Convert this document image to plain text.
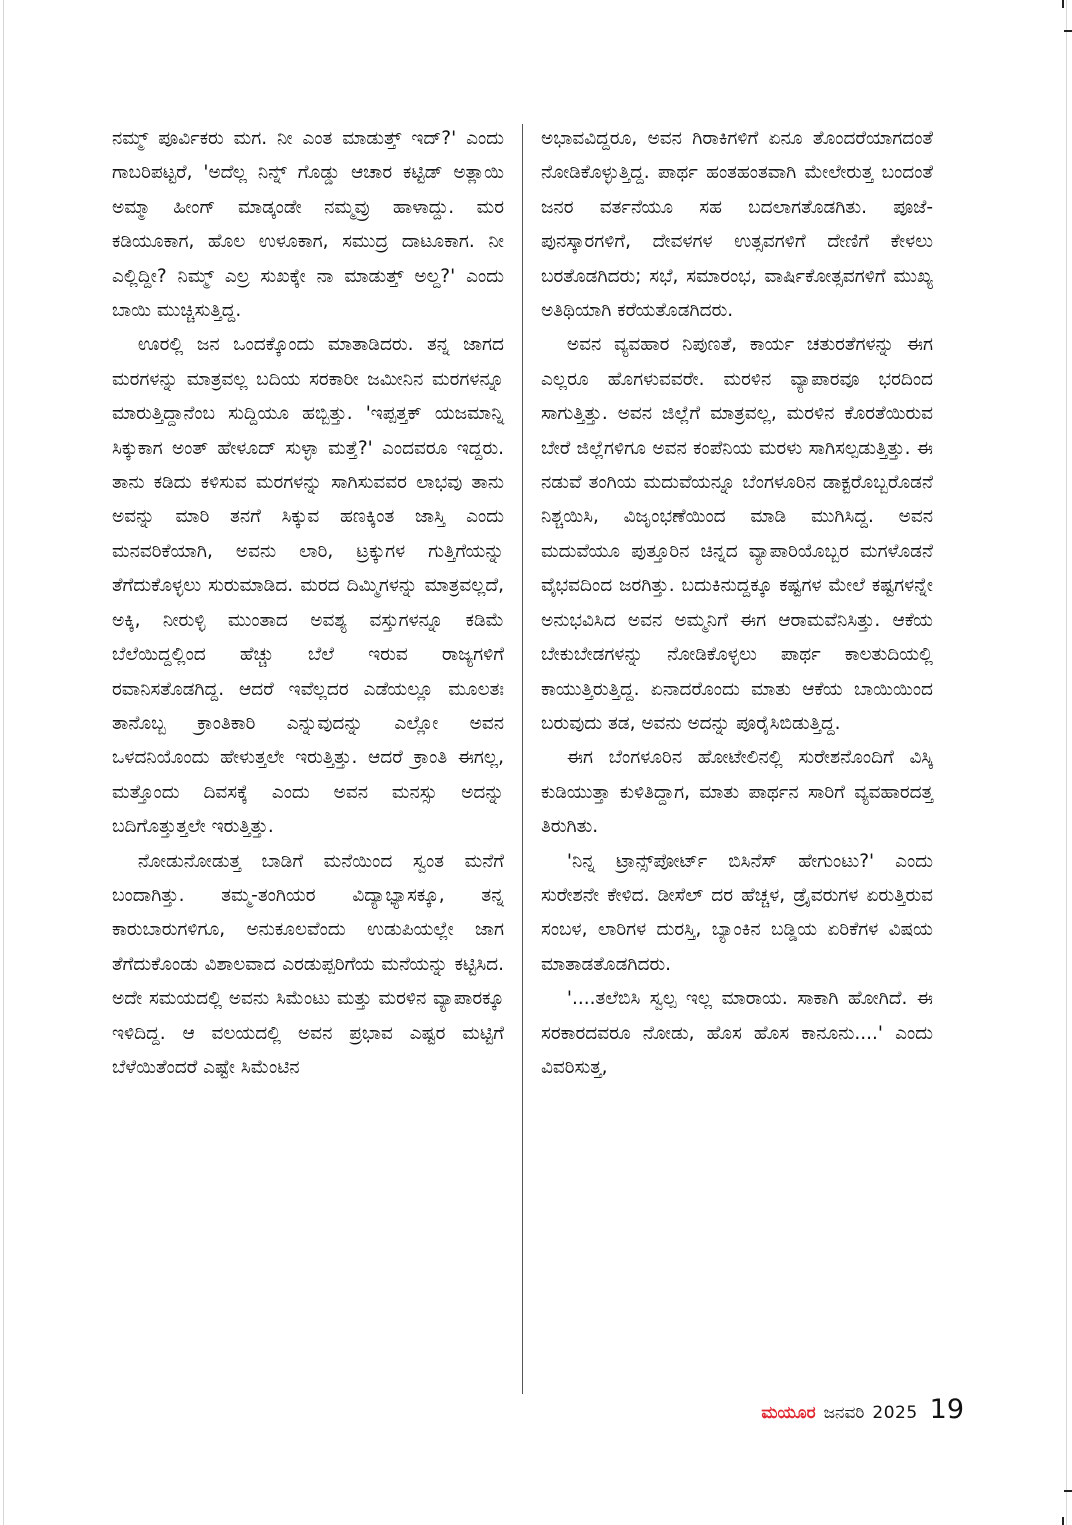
ನಮ್ಮ್ ಪೂರ್ವಿಕರು ಮಗ. ನೀ ಎಂತ ಮಾಡುತ್ತ್ ಇದ್?' ಎಂದು ಗಾಬರಿಪಟ್ಟರೆ, 'ಅದೆಲ್ಲ ನಿನ್ನ್ ಗೊಡ್ಡು ಆಚಾರ ಕಟ್ಟಿಡ್ ಅತ್ಲಾಯಿ ಅಮ್ಮಾ ಹೀಂಗ್ ಮಾಡ್ಕಂಡೇ ನಮ್ಮವ್ರು ಹಾಳಾದ್ದು. ಮರ ಕಡಿಯೂಕಾಗ, ಹೊಲ ಉಳೂಕಾಗ, ಸಮುದ್ರ ದಾಟೂಕಾಗ. ನೀ ಎಲ್ಲಿದ್ದೀ? ನಿಮ್ಮ್ ಎಲ್ರ ಸುಖಕ್ಕೇ ನಾ ಮಾಡುತ್ತ್ ಅಲ್ದ?' ಎಂದು ಬಾಯಿ ಮುಚ್ಚಿಸುತ್ತಿದ್ದ.

ಊರಲ್ಲಿ ಜನ ಒಂದಕ್ಕೊಂದು ಮಾತಾಡಿದರು. ತನ್ನ ಜಾಗದ ಮರಗಳನ್ನು ಮಾತ್ರವಲ್ಲ ಬದಿಯ ಸರಕಾರೀ ಜಮೀನಿನ ಮರಗಳನ್ನೂ ಮಾರುತ್ತಿದ್ದಾನೆಂಬ ಸುದ್ದಿಯೂ ಹಬ್ಬಿತ್ತು. 'ಇಪ್ಪತ್ತಕ್ ಯಜಮಾನ್ನಿ ಸಿಕ್ಕುಕಾಗ ಅಂತ್ ಹೇಳೂದ್ ಸುಳ್ಳಾ ಮತ್ತೆ?' ಎಂದವರೂ ಇದ್ದರು. ತಾನು ಕಡಿದು ಕಳಿಸುವ ಮರಗಳನ್ನು ಸಾಗಿಸುವವರ ಲಾಭವು ತಾನು ಅವನ್ನು ಮಾರಿ ತನಗೆ ಸಿಕ್ಕುವ ಹಣಕ್ಕಿಂತ ಜಾಸ್ತಿ ಎಂದು ಮನವರಿಕೆಯಾಗಿ, ಅವನು ಲಾರಿ, ಟ್ರಕ್ಕುಗಳ ಗುತ್ತಿಗೆಯನ್ನು ತೆಗೆದುಕೊಳ್ಳಲು ಸುರುಮಾಡಿದ. ಮರದ ದಿಮ್ಮಿಗಳನ್ನು ಮಾತ್ರವಲ್ಲದೆ, ಅಕ್ಕಿ, ನೀರುಳ್ಳಿ ಮುಂತಾದ ಅವಶ್ಯ ವಸ್ತುಗಳನ್ನೂ ಕಡಿಮೆ ಬೆಲೆಯಿದ್ದಲ್ಲಿಂದ ಹೆಚ್ಚು ಬೆಲೆ ಇರುವ ರಾಜ್ಯಗಳಿಗೆ ರವಾನಿಸತೊಡಗಿದ್ದ. ಆದರೆ ಇವೆಲ್ಲದರ ಎಡೆಯಲ್ಲೂ ಮೂಲತಃ ತಾನೊಬ್ಬ ಕ್ರಾಂತಿಕಾರಿ ಎನ್ನುವುದನ್ನು ಎಲ್ಲೋ ಅವನ ಒಳದನಿಯೊಂದು ಹೇಳುತ್ತಲೇ ಇರುತ್ತಿತ್ತು. ಆದರೆ ಕ್ರಾಂತಿ ಈಗಲ್ಲ, ಮತ್ತೊಂದು ದಿವಸಕ್ಕೆ ಎಂದು ಅವನ ಮನಸ್ಸು ಅದನ್ನು ಬದಿಗೊತ್ತುತ್ತಲೇ ಇರುತ್ತಿತ್ತು.

ನೋಡುನೋಡುತ್ತ ಬಾಡಿಗೆ ಮನೆಯಿಂದ ಸ್ವಂತ ಮನೆಗೆ ಬಂದಾಗಿತ್ತು. ತಮ್ಮ-ತಂಗಿಯರ ವಿದ್ಯಾಭ್ಯಾಸಕ್ಕೂ, ತನ್ನ ಕಾರುಬಾರುಗಳಿಗೂ, ಅನುಕೂಲವೆಂದು ಉಡುಪಿಯಲ್ಲೇ ಜಾಗ ತೆಗೆದುಕೊಂಡು ವಿಶಾಲವಾದ ಎರಡುಪ್ಪರಿಗೆಯ ಮನೆಯನ್ನು ಕಟ್ಟಿಸಿದ. ಅದೇ ಸಮಯದಲ್ಲಿ ಅವನು ಸಿಮೆಂಟು ಮತ್ತು ಮರಳಿನ ವ್ಯಾಪಾರಕ್ಕೂ ಇಳಿದಿದ್ದ. ಆ ವಲಯದಲ್ಲಿ ಅವನ ಪ್ರಭಾವ ಎಷ್ಟರ ಮಟ್ಟಿಗೆ ಬೆಳೆಯಿತೆಂದರೆ ಎಷ್ಟೇ ಸಿಮೆಂಟಿನ

ಅಭಾವವಿದ್ದರೂ, ಅವನ ಗಿರಾಕಿಗಳಿಗೆ ಏನೂ ತೊಂದರೆಯಾಗದಂತೆ ನೋಡಿಕೊಳ್ಳುತ್ತಿದ್ದ. ಪಾರ್ಥ ಹಂತಹಂತವಾಗಿ ಮೇಲೇರುತ್ತ ಬಂದಂತೆ ಜನರ ವರ್ತನೆಯೂ ಸಹ ಬದಲಾಗತೊಡಗಿತು. ಪೂಜೆ-ಪುನಸ್ಕಾರಗಳಿಗೆ, ದೇವಳಗಳ ಉತ್ಸವಗಳಿಗೆ ದೇಣಿಗೆ ಕೇಳಲು ಬರತೊಡಗಿದರು; ಸಭೆ, ಸಮಾರಂಭ, ವಾರ್ಷಿಕೋತ್ಸವಗಳಿಗೆ ಮುಖ್ಯ ಅತಿಥಿಯಾಗಿ ಕರೆಯತೊಡಗಿದರು.

ಅವನ ವ್ಯವಹಾರ ನಿಪುಣತೆ, ಕಾರ್ಯ ಚತುರತೆಗಳನ್ನು ಈಗ ಎಲ್ಲರೂ ಹೊಗಳುವವರೇ. ಮರಳಿನ ವ್ಯಾಪಾರವೂ ಭರದಿಂದ ಸಾಗುತ್ತಿತ್ತು. ಅವನ ಜಿಲ್ಲೆಗೆ ಮಾತ್ರವಲ್ಲ, ಮರಳಿನ ಕೊರತೆಯಿರುವ ಬೇರೆ ಜಿಲ್ಲೆಗಳಿಗೂ ಅವನ ಕಂಪೆನಿಯ ಮರಳು ಸಾಗಿಸಲ್ಪಡುತ್ತಿತ್ತು. ಈ ನಡುವೆ ತಂಗಿಯ ಮದುವೆಯನ್ನೂ ಬೆಂಗಳೂರಿನ ಡಾಕ್ಟರೊಬ್ಬರೊಡನೆ ನಿಶ್ಚಯಿಸಿ, ವಿಜೃಂಭಣೆಯಿಂದ ಮಾಡಿ ಮುಗಿಸಿದ್ದ. ಅವನ ಮದುವೆಯೂ ಪುತ್ತೂರಿನ ಚಿನ್ನದ ವ್ಯಾಪಾರಿಯೊಬ್ಬರ ಮಗಳೊಡನೆ ವೈಭವದಿಂದ ಜರಗಿತ್ತು. ಬದುಕಿನುದ್ದಕ್ಕೂ ಕಷ್ಟಗಳ ಮೇಲೆ ಕಷ್ಟಗಳನ್ನೇ ಅನುಭವಿಸಿದ ಅವನ ಅಮ್ಮನಿಗೆ ಈಗ ಆರಾಮವೆನಿಸಿತ್ತು. ಆಕೆಯ ಬೇಕುಬೇಡಗಳನ್ನು ನೋಡಿಕೊಳ್ಳಲು ಪಾರ್ಥ ಕಾಲತುದಿಯಲ್ಲಿ ಕಾಯುತ್ತಿರುತ್ತಿದ್ದ. ಏನಾದರೊಂದು ಮಾತು ಆಕೆಯ ಬಾಯಿಯಿಂದ ಬರುವುದು ತಡ, ಅವನು ಅದನ್ನು ಪೂರೈಸಿಬಿಡುತ್ತಿದ್ದ.

ಈಗ ಬೆಂಗಳೂರಿನ ಹೋಟೇಲಿನಲ್ಲಿ ಸುರೇಶನೊಂದಿಗೆ ವಿಸ್ಕಿ ಕುಡಿಯುತ್ತಾ ಕುಳಿತಿದ್ದಾಗ, ಮಾತು ಪಾರ್ಥನ ಸಾರಿಗೆ ವ್ಯವಹಾರದತ್ತ ತಿರುಗಿತು.

'ನಿನ್ನ ಟ್ರಾನ್ಸ್‌ಪೋರ್ಟ್ ಬಿಸಿನೆಸ್ ಹೇಗುಂಟು?' ಎಂದು ಸುರೇಶನೇ ಕೇಳಿದ. ಡೀಸೆಲ್ ದರ ಹೆಚ್ಚಳ, ಡ್ರೈವರುಗಳ ಏರುತ್ತಿರುವ ಸಂಬಳ, ಲಾರಿಗಳ ದುರಸ್ತಿ, ಬ್ಯಾಂಕಿನ ಬಡ್ಡಿಯ ಏರಿಕೆಗಳ ವಿಷಯ ಮಾತಾಡತೊಡಗಿದರು.

'....ತಲೆಬಿಸಿ ಸ್ವಲ್ಪ ಇಲ್ಲ ಮಾರಾಯ. ಸಾಕಾಗಿ ಹೋಗಿದೆ. ಈ ಸರಕಾರದವರೂ ನೋಡು, ಹೊಸ ಹೊಸ ಕಾನೂನು....' ಎಂದು ವಿವರಿಸುತ್ತ,

ಮಯೂರ ಜನವರಿ 2025 19
